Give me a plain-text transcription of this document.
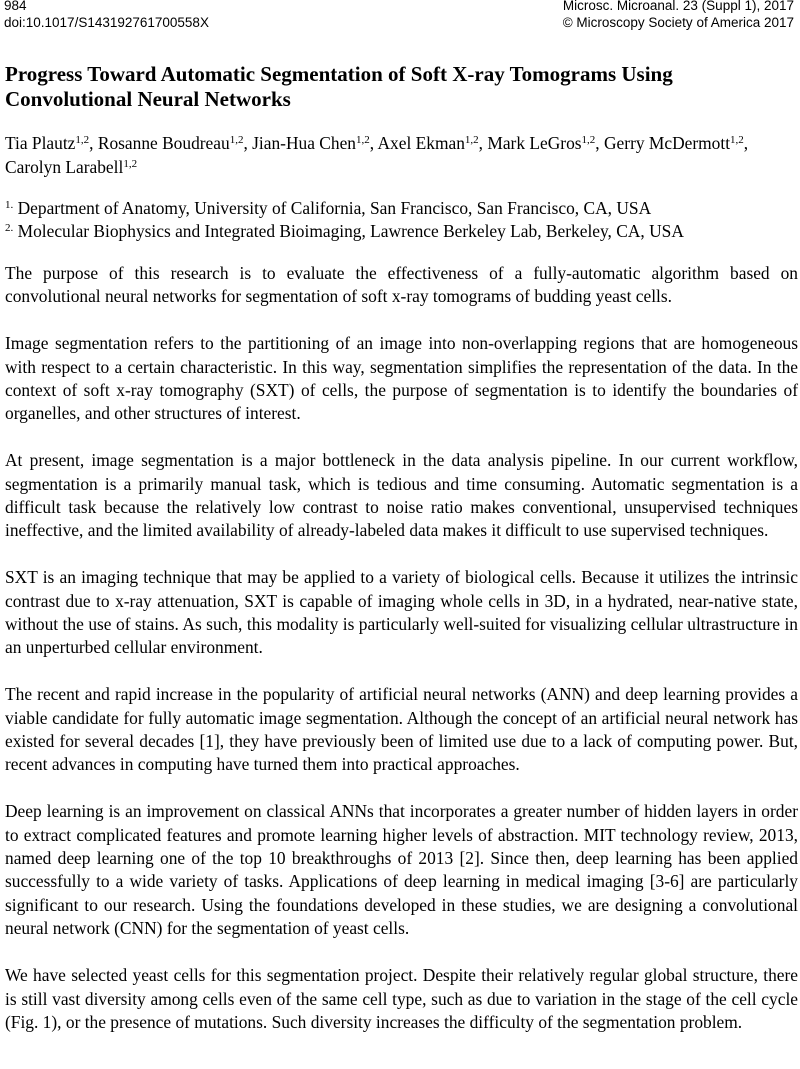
984
doi:10.1017/S143192761700558X
Microsc. Microanal. 23 (Suppl 1), 2017
© Microscopy Society of America 2017
Progress Toward Automatic Segmentation of Soft X-ray Tomograms Using Convolutional Neural Networks
Tia Plautz$^{1,2}$, Rosanne Boudreau$^{1,2}$, Jian-Hua Chen$^{1,2}$, Axel Ekman$^{1,2}$, Mark LeGros$^{1,2}$, Gerry McDermott$^{1,2}$, Carolyn Larabell$^{1,2}$
$^{1.}$ Department of Anatomy, University of California, San Francisco, San Francisco, CA, USA
$^{2.}$ Molecular Biophysics and Integrated Bioimaging, Lawrence Berkeley Lab, Berkeley, CA, USA

The purpose of this research is to evaluate the effectiveness of a fully-automatic algorithm based on convolutional neural networks for segmentation of soft x-ray tomograms of budding yeast cells.

Image segmentation refers to the partitioning of an image into non-overlapping regions that are homogeneous with respect to a certain characteristic. In this way, segmentation simplifies the representation of the data. In the context of soft x-ray tomography (SXT) of cells, the purpose of segmentation is to identify the boundaries of organelles, and other structures of interest.

At present, image segmentation is a major bottleneck in the data analysis pipeline. In our current workflow, segmentation is a primarily manual task, which is tedious and time consuming. Automatic segmentation is a difficult task because the relatively low contrast to noise ratio makes conventional, unsupervised techniques ineffective, and the limited availability of already-labeled data makes it difficult to use supervised techniques.

SXT is an imaging technique that may be applied to a variety of biological cells. Because it utilizes the intrinsic contrast due to x-ray attenuation, SXT is capable of imaging whole cells in 3D, in a hydrated, near-native state, without the use of stains. As such, this modality is particularly well-suited for visualizing cellular ultrastructure in an unperturbed cellular environment.

The recent and rapid increase in the popularity of artificial neural networks (ANN) and deep learning provides a viable candidate for fully automatic image segmentation. Although the concept of an artificial neural network has existed for several decades [1], they have previously been of limited use due to a lack of computing power. But, recent advances in computing have turned them into practical approaches.

Deep learning is an improvement on classical ANNs that incorporates a greater number of hidden layers in order to extract complicated features and promote learning higher levels of abstraction. MIT technology review, 2013, named deep learning one of the top 10 breakthroughs of 2013 [2]. Since then, deep learning has been applied successfully to a wide variety of tasks. Applications of deep learning in medical imaging [3-6] are particularly significant to our research. Using the foundations developed in these studies, we are designing a convolutional neural network (CNN) for the segmentation of yeast cells.

We have selected yeast cells for this segmentation project. Despite their relatively regular global structure, there is still vast diversity among cells even of the same cell type, such as due to variation in the stage of the cell cycle (Fig. 1), or the presence of mutations. Such diversity increases the difficulty of the segmentation problem.
